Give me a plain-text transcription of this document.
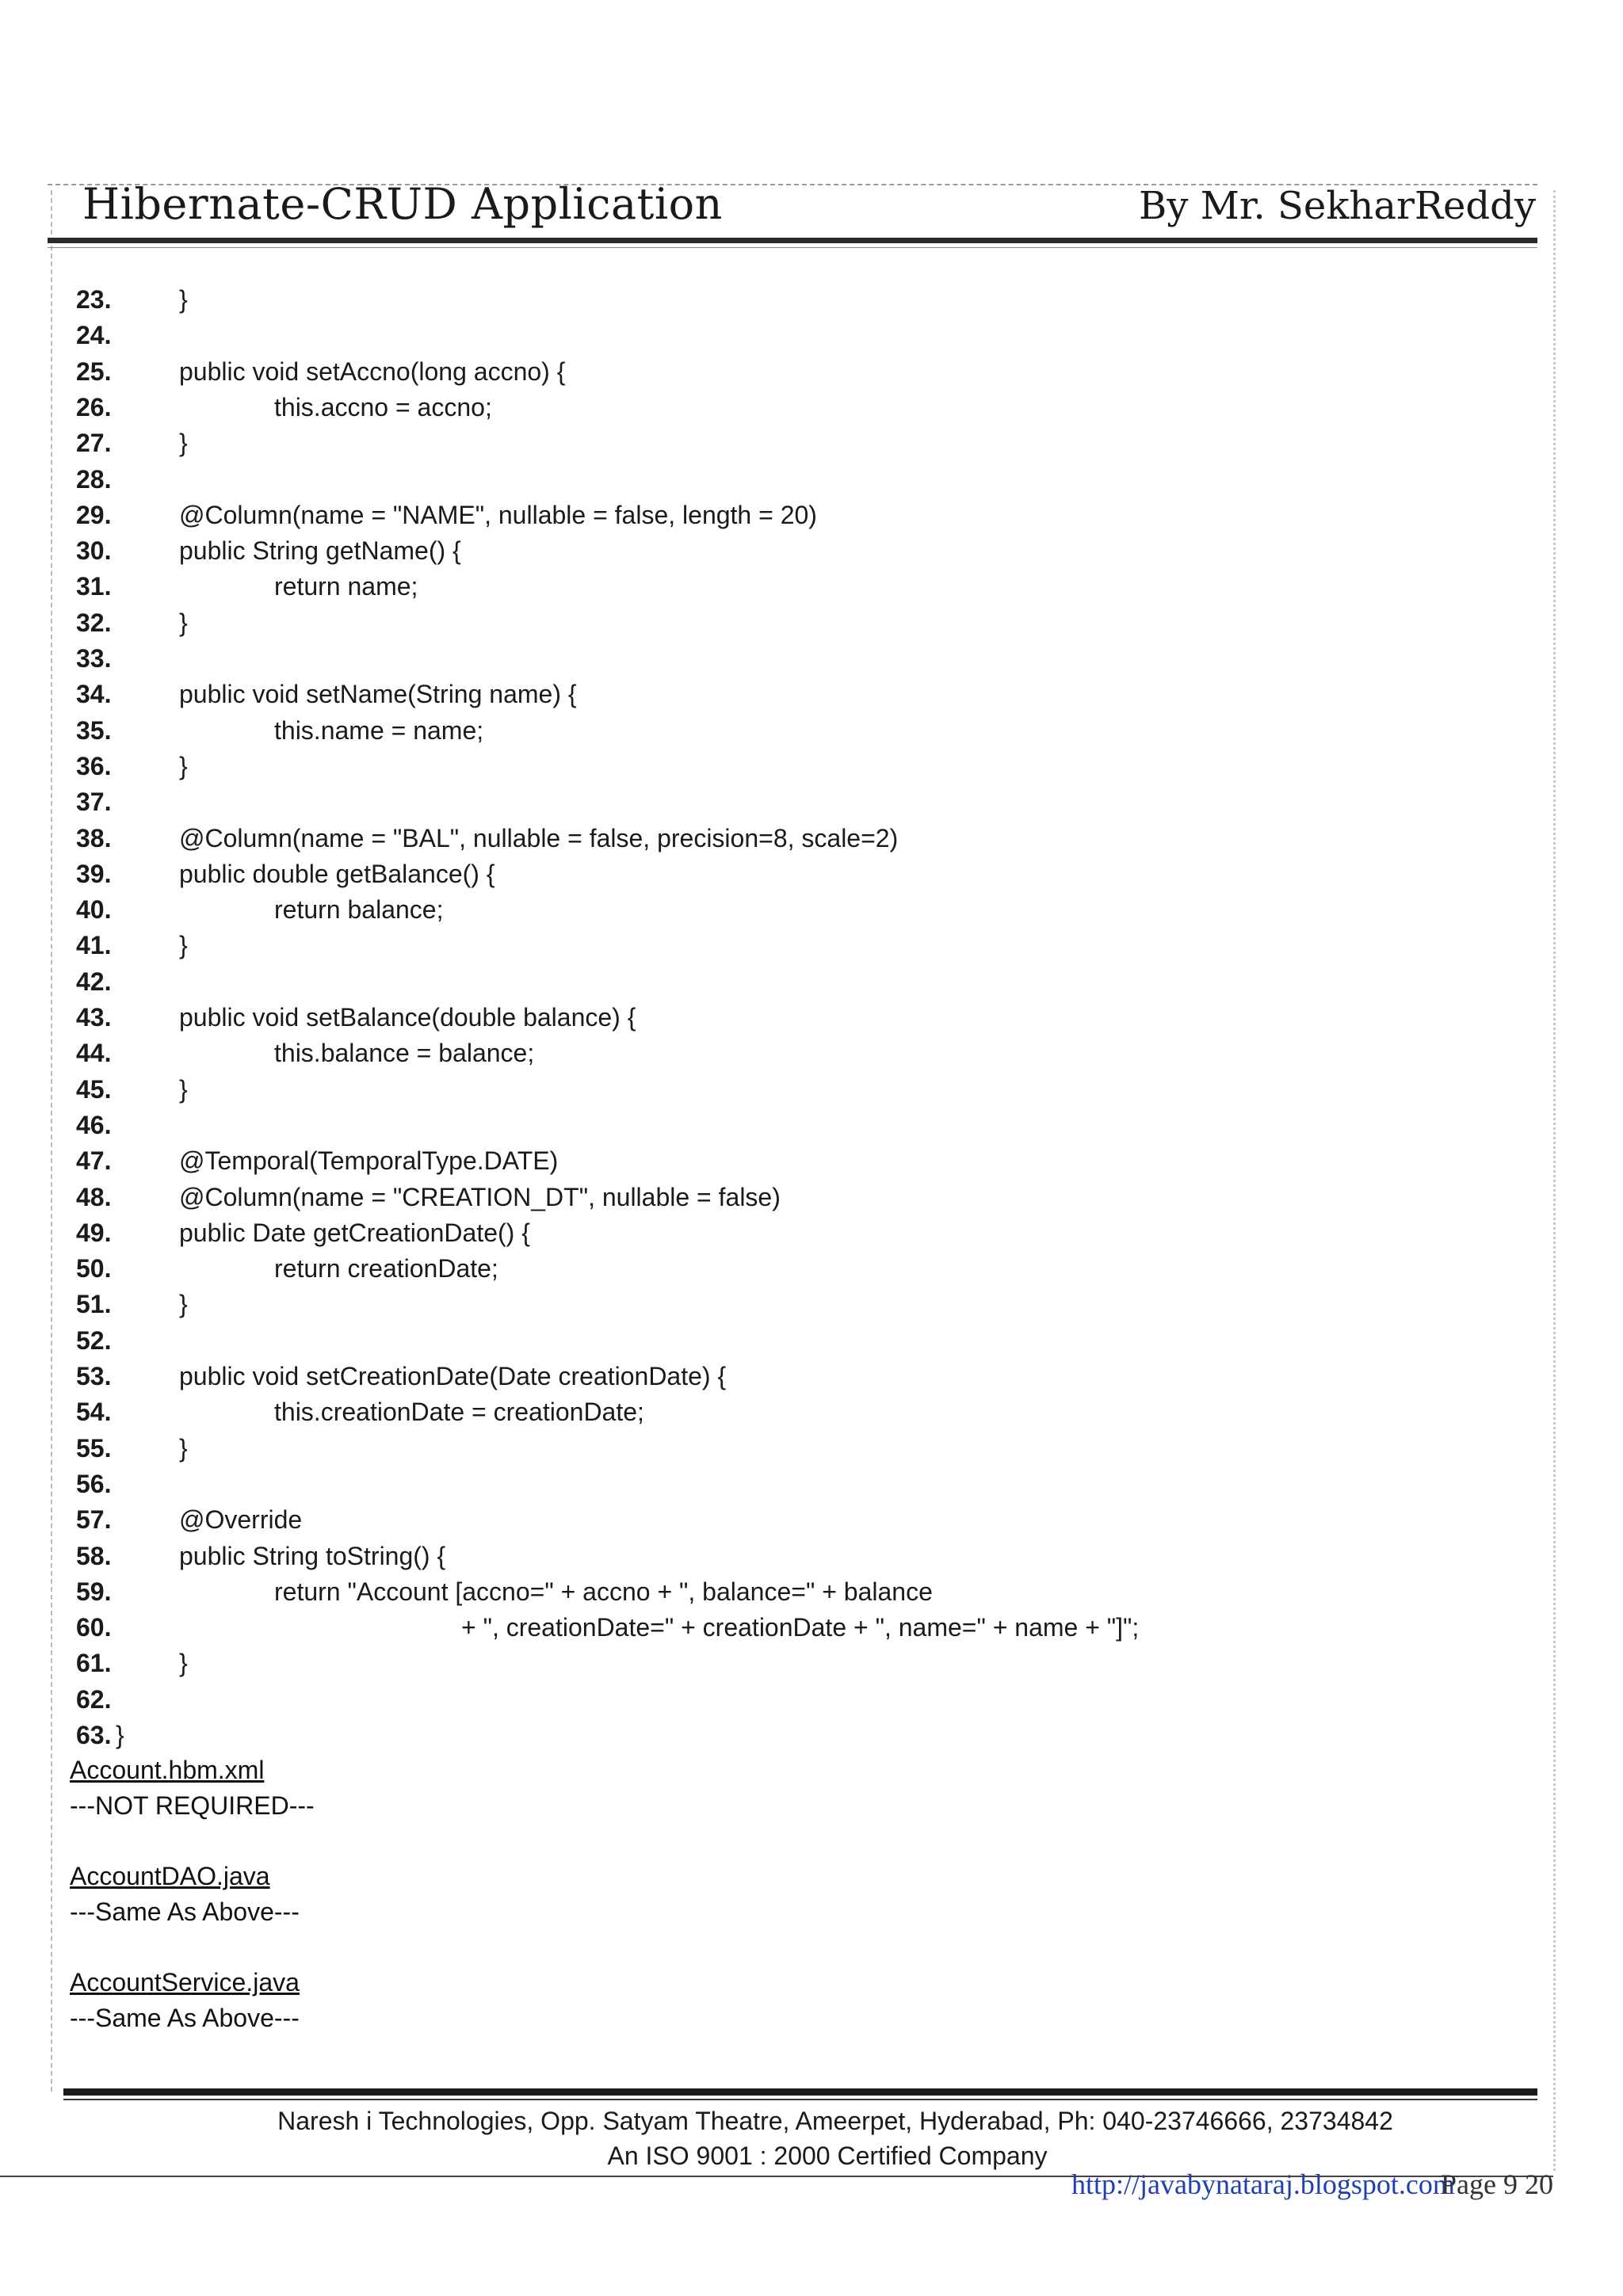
Hibernate-CRUD Application	By Mr. SekharReddy
23.	}
24.
25.	public void setAccno(long accno) {
26.	this.accno = accno;
27.	}
28.
29.	@Column(name = "NAME", nullable = false, length = 20)
30.	public String getName() {
31.	return name;
32.	}
33.
34.	public void setName(String name) {
35.	this.name = name;
36.	}
37.
38.	@Column(name = "BAL", nullable = false, precision=8, scale=2)
39.	public double getBalance() {
40.	return balance;
41.	}
42.
43.	public void setBalance(double balance) {
44.	this.balance = balance;
45.	}
46.
47.	@Temporal(TemporalType.DATE)
48.	@Column(name = "CREATION_DT", nullable = false)
49.	public Date getCreationDate() {
50.	return creationDate;
51.	}
52.
53.	public void setCreationDate(Date creationDate) {
54.	this.creationDate = creationDate;
55.	}
56.
57.	@Override
58.	public String toString() {
59.	return "Account [accno=" + accno + ", balance=" + balance
60.	+ ", creationDate=" + creationDate + ", name=" + name + "]";
61.	}
62.
63. }
Account.hbm.xml
---NOT REQUIRED---
AccountDAO.java
---Same As Above---
AccountService.java
---Same As Above---
Naresh i Technologies, Opp. Satyam Theatre, Ameerpet, Hyderabad, Ph: 040-23746666, 23734842
An ISO 9001 : 2000 Certified Company
http://javabynataraj.blogspot.com
Page 9 20
